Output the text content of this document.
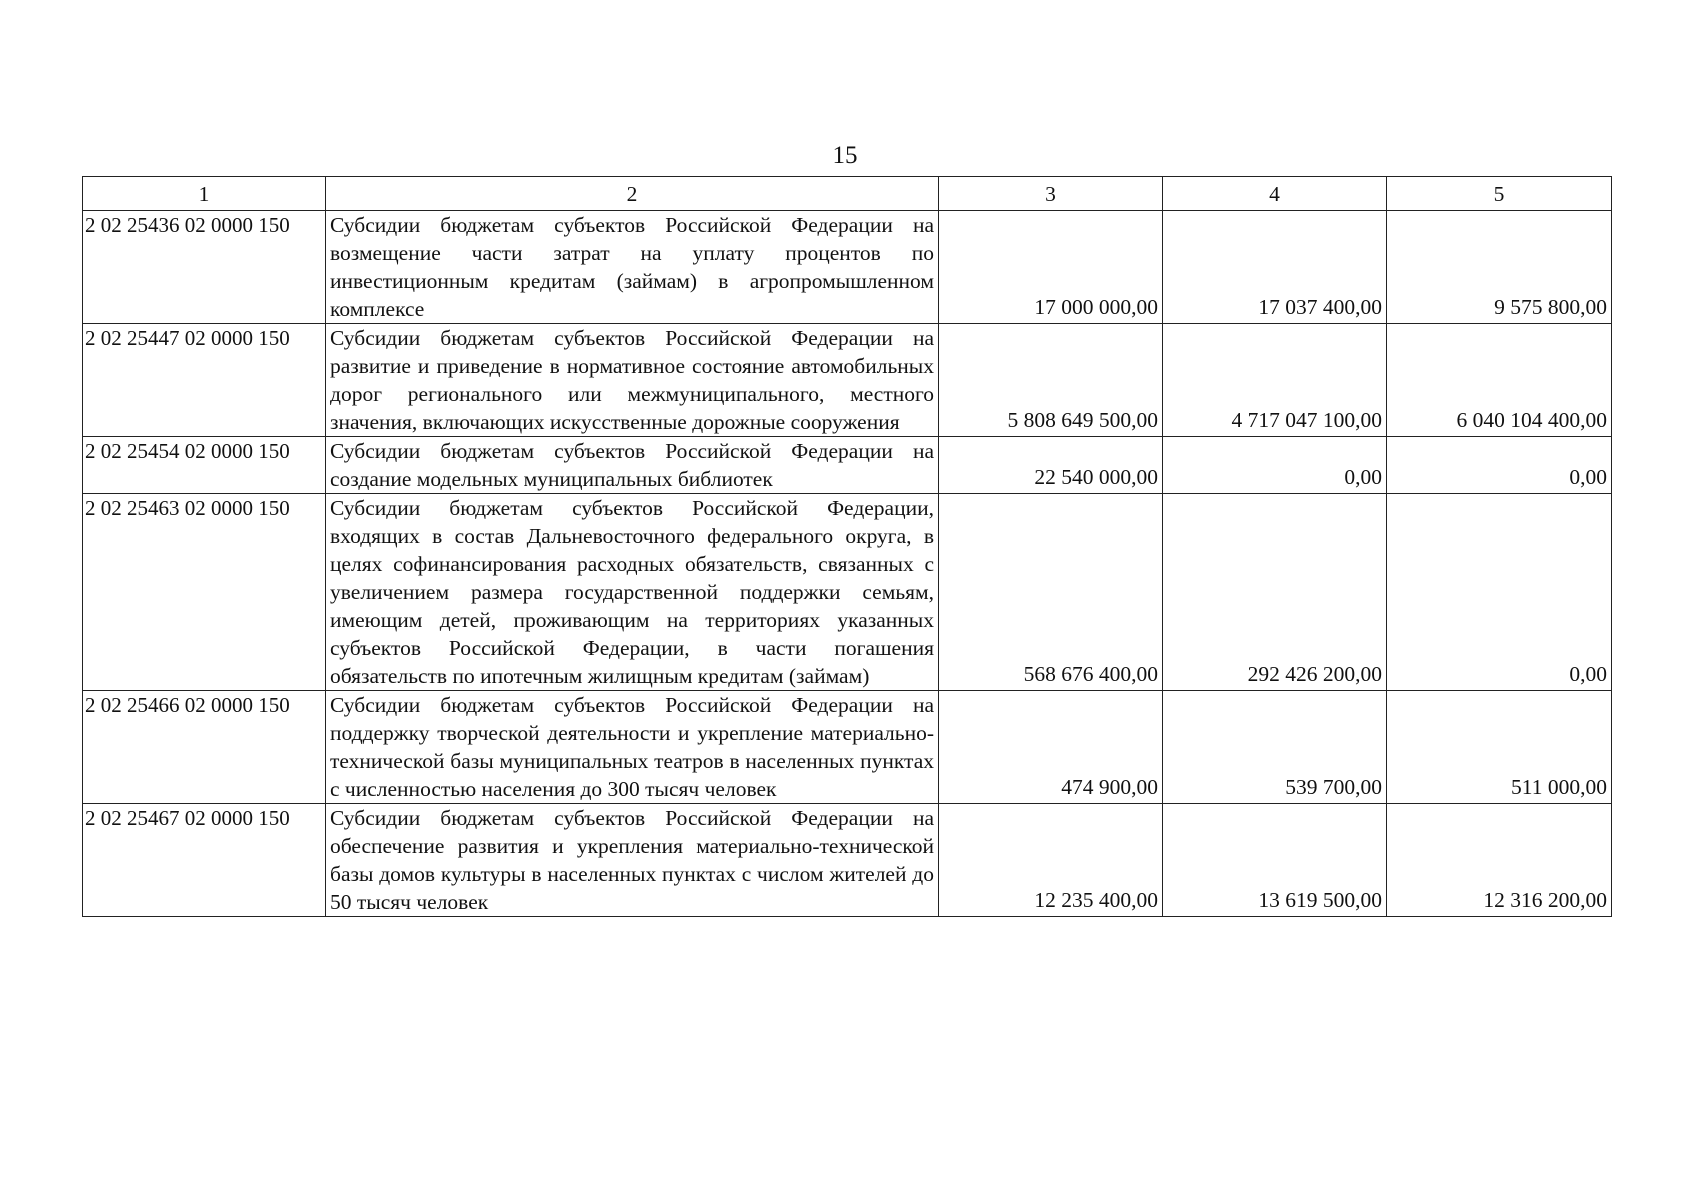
15
1	2	3	4	5
2 02 25436 02 0000 150	Субсидии бюджетам субъектов Российской Федерации на возмещение части затрат на уплату процентов по инвестиционным кредитам (займам) в агропромышленном комплексе	17 000 000,00	17 037 400,00	9 575 800,00
2 02 25447 02 0000 150	Субсидии бюджетам субъектов Российской Федерации на развитие и приведение в нормативное состояние автомобильных дорог регионального или межмуниципального, местного значения, включающих искусственные дорожные сооружения	5 808 649 500,00	4 717 047 100,00	6 040 104 400,00
2 02 25454 02 0000 150	Субсидии бюджетам субъектов Российской Федерации на создание модельных муниципальных библиотек	22 540 000,00	0,00	0,00
2 02 25463 02 0000 150	Субсидии бюджетам субъектов Российской Федерации, входящих в состав Дальневосточного федерального округа, в целях софинансирования расходных обязательств, связанных с увеличением размера государственной поддержки семьям, имеющим детей, проживающим на территориях указанных субъектов Российской Федерации, в части погашения обязательств по ипотечным жилищным кредитам (займам)	568 676 400,00	292 426 200,00	0,00
2 02 25466 02 0000 150	Субсидии бюджетам субъектов Российской Федерации на поддержку творческой деятельности и укрепление материально-технической базы муниципальных театров в населенных пунктах с численностью населения до 300 тысяч человек	474 900,00	539 700,00	511 000,00
2 02 25467 02 0000 150	Субсидии бюджетам субъектов Российской Федерации на обеспечение развития и укрепления материально-технической базы домов культуры в населенных пунктах с числом жителей до 50 тысяч человек	12 235 400,00	13 619 500,00	12 316 200,00
